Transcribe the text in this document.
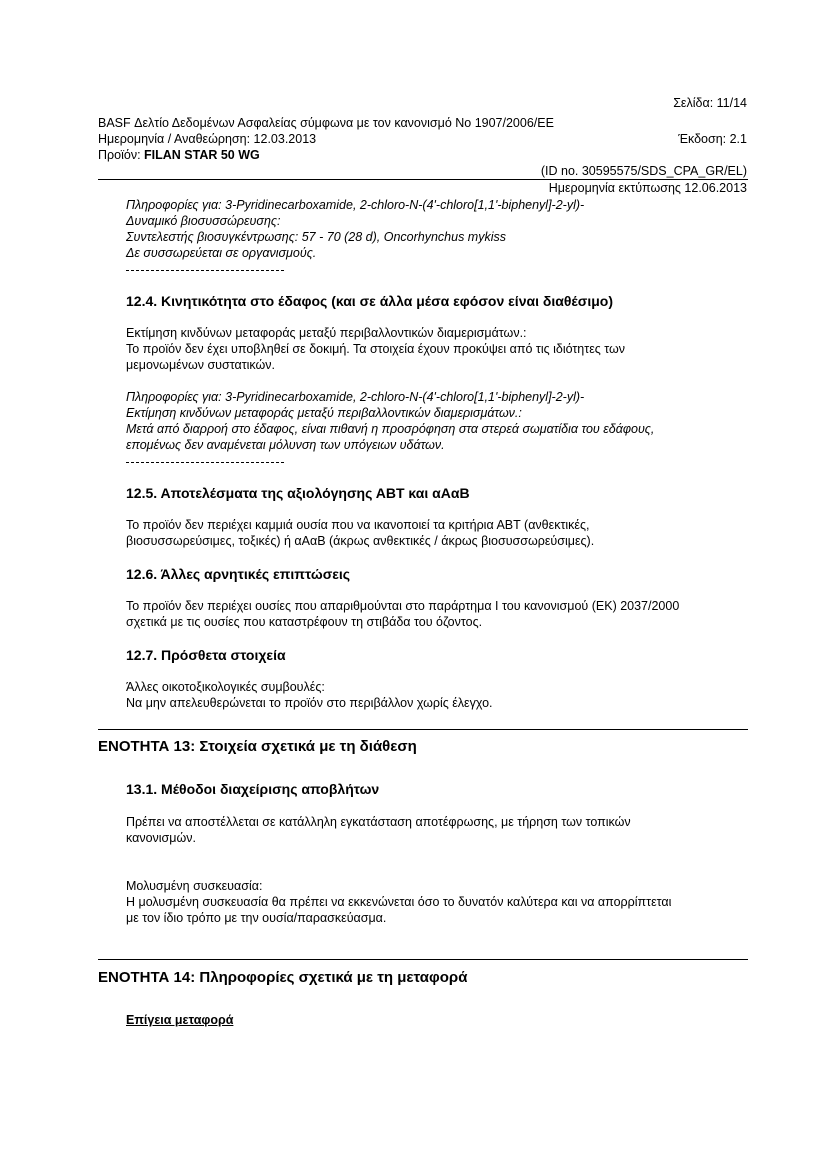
Σελίδα: 11/14
BASF Δελτίο Δεδομένων Ασφαλείας σύμφωνα με τον κανονισμό Νο 1907/2006/ΕΕ
Ημερομηνία / Αναθεώρηση: 12.03.2013	Έκδοση: 2.1
Προϊόν: FILAN STAR 50 WG
(ID no. 30595575/SDS_CPA_GR/EL)
Ημερομηνία εκτύπωσης 12.06.2013
Πληροφορίες για: 3-Pyridinecarboxamide, 2-chloro-N-(4'-chloro[1,1'-biphenyl]-2-yl)-
Δυναμικό βιοσυσσώρευσης:
Συντελεστής βιοσυγκέντρωσης: 57 - 70 (28 d), Oncorhynchus mykiss
Δε συσσωρεύεται σε οργανισμούς.
12.4. Κινητικότητα στο έδαφος (και σε άλλα μέσα εφόσον είναι διαθέσιμο)
Εκτίμηση κινδύνων μεταφοράς μεταξύ περιβαλλοντικών διαμερισμάτων.:
Το προϊόν δεν έχει υποβληθεί σε δοκιμή. Τα στοιχεία έχουν προκύψει από τις ιδιότητες των
μεμονωμένων συστατικών.
Πληροφορίες για: 3-Pyridinecarboxamide, 2-chloro-N-(4'-chloro[1,1'-biphenyl]-2-yl)-
Εκτίμηση κινδύνων μεταφοράς μεταξύ περιβαλλοντικών διαμερισμάτων.:
Μετά από διαρροή στο έδαφος, είναι πιθανή η προσρόφηση στα στερεά σωματίδια του εδάφους,
επομένως δεν αναμένεται μόλυνση των υπόγειων υδάτων.
12.5. Αποτελέσματα της αξιολόγησης ΑΒΤ και αΑαΒ
Το προϊόν δεν περιέχει καμμιά ουσία που να ικανοποιεί τα κριτήρια ΑΒΤ (ανθεκτικές,
βιοσυσσωρεύσιμες, τοξικές) ή αΑαΒ (άκρως ανθεκτικές / άκρως βιοσυσσωρεύσιμες).
12.6. Άλλες αρνητικές επιπτώσεις
Το προϊόν δεν περιέχει ουσίες που απαριθμούνται στο παράρτημα I του κανονισμού (ΕΚ) 2037/2000
σχετικά με τις ουσίες που καταστρέφουν τη στιβάδα του όζοντος.
12.7. Πρόσθετα στοιχεία
Άλλες οικοτοξικολογικές συμβουλές:
Να μην απελευθερώνεται το προϊόν στο περιβάλλον χωρίς έλεγχο.
ΕΝΟΤΗΤΑ 13: Στοιχεία σχετικά με τη διάθεση
13.1. Μέθοδοι διαχείρισης αποβλήτων
Πρέπει να αποστέλλεται σε κατάλληλη εγκατάσταση αποτέφρωσης, με τήρηση των τοπικών
κανονισμών.
Μολυσμένη συσκευασία:
Η μολυσμένη συσκευασία θα πρέπει να εκκενώνεται όσο το δυνατόν καλύτερα και να απορρίπτεται
με τον ίδιο τρόπο με την ουσία/παρασκεύασμα.
ΕΝΟΤΗΤΑ 14: Πληροφορίες σχετικά με τη μεταφορά
Επίγεια μεταφορά
